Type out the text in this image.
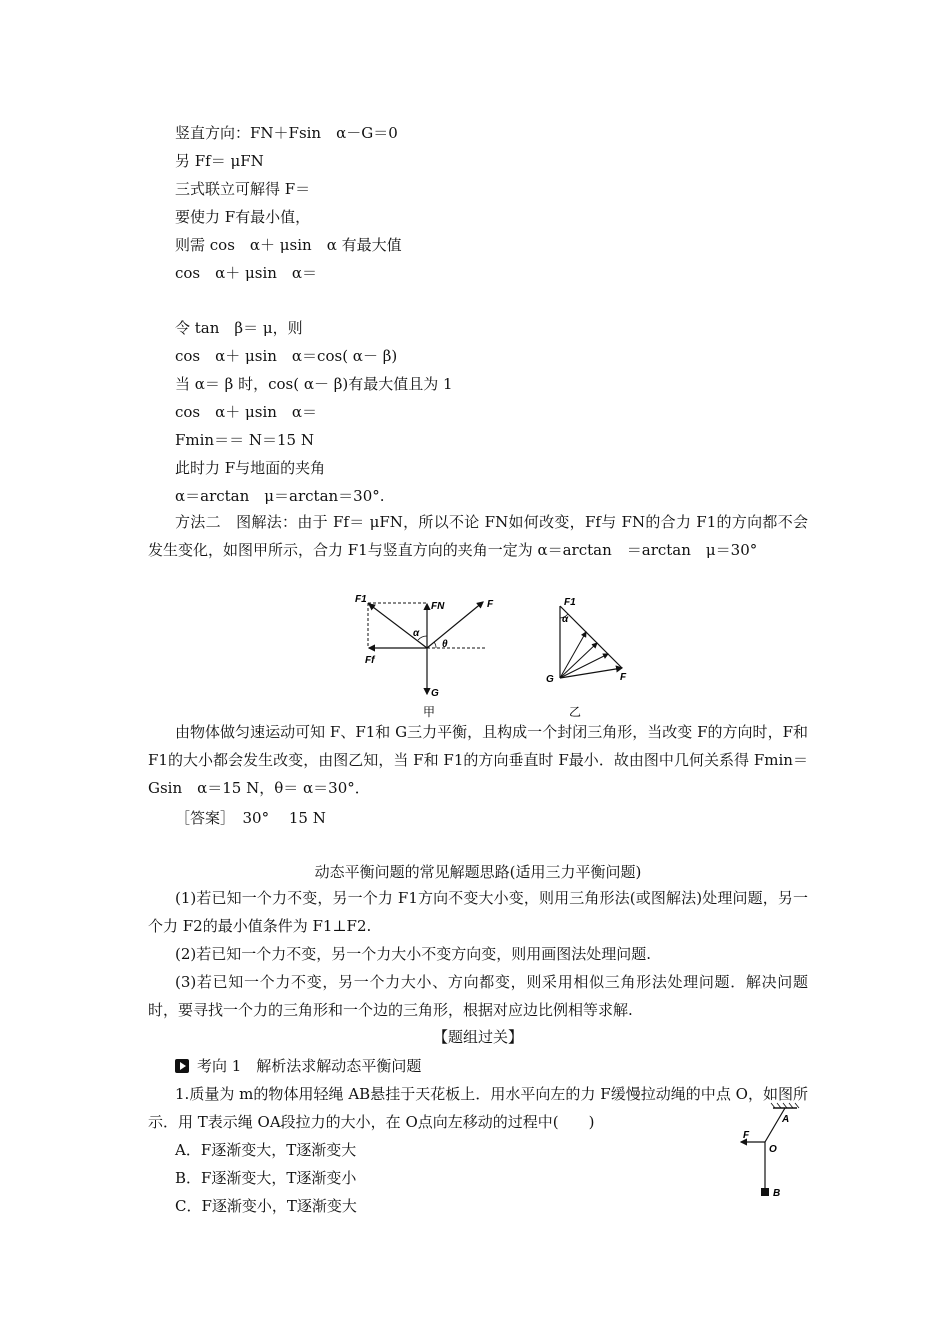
竖直方向：FN＋Fsin　α－G＝0
另 Ff＝ μFN
三式联立可解得 F＝
要使力 F有最小值，
则需 cos　α＋ μsin　α 有最大值
cos　α＋ μsin　α＝
令 tan　β＝ μ，则
cos　α＋ μsin　α＝cos( α－ β)
当 α＝ β 时，cos( α－ β)有最大值且为 1
cos　α＋ μsin　α＝
Fmin＝＝ N＝15 N
此时力 F与地面的夹角
α＝arctan　μ＝arctan＝30°.
方法二　图解法：由于 Ff＝ μFN，所以不论 FN如何改变，Ff与 FN的合力 F1的方向都不会发生变化，如图甲所示，合力 F1与竖直方向的夹角一定为 α＝arctan　＝arctan　μ＝30°
F1
FN	F
Ff
G
α
θ
甲
F1
α
G	F
乙
由物体做匀速运动可知 F、F1和 G三力平衡，且构成一个封闭三角形，当改变 F的方向时，F和 F1的大小都会发生改变，由图乙知，当 F和 F1的方向垂直时 F最小．故由图中几何关系得 Fmin＝Gsin　α＝15 N，θ＝ α＝30°．
［答案］　30°　 15 N
动态平衡问题的常见解题思路(适用三力平衡问题)
(1)若已知一个力不变，另一个力 F1方向不变大小变，则用三角形法(或图解法)处理问题，另一个力 F2的最小值条件为 F1⊥F2.
(2)若已知一个力不变，另一个力大小不变方向变，则用画图法处理问题.
(3)若已知一个力不变，另一个力大小、方向都变，则采用相似三角形法处理问题．解决问题时，要寻找一个力的三角形和一个边的三角形，根据对应边比例相等求解.
【题组过关】
考向 1　解析法求解动态平衡问题
1.质量为 m的物体用轻绳 AB悬挂于天花板上．用水平向左的力 F缓慢拉动绳的中点 O，如图所示．用 T表示绳 OA段拉力的大小，在 O点向左移动的过程中(　　)
A．F逐渐变大，T逐渐变大
B．F逐渐变大，T逐渐变小
C．F逐渐变小，T逐渐变大
A
O
B
F
